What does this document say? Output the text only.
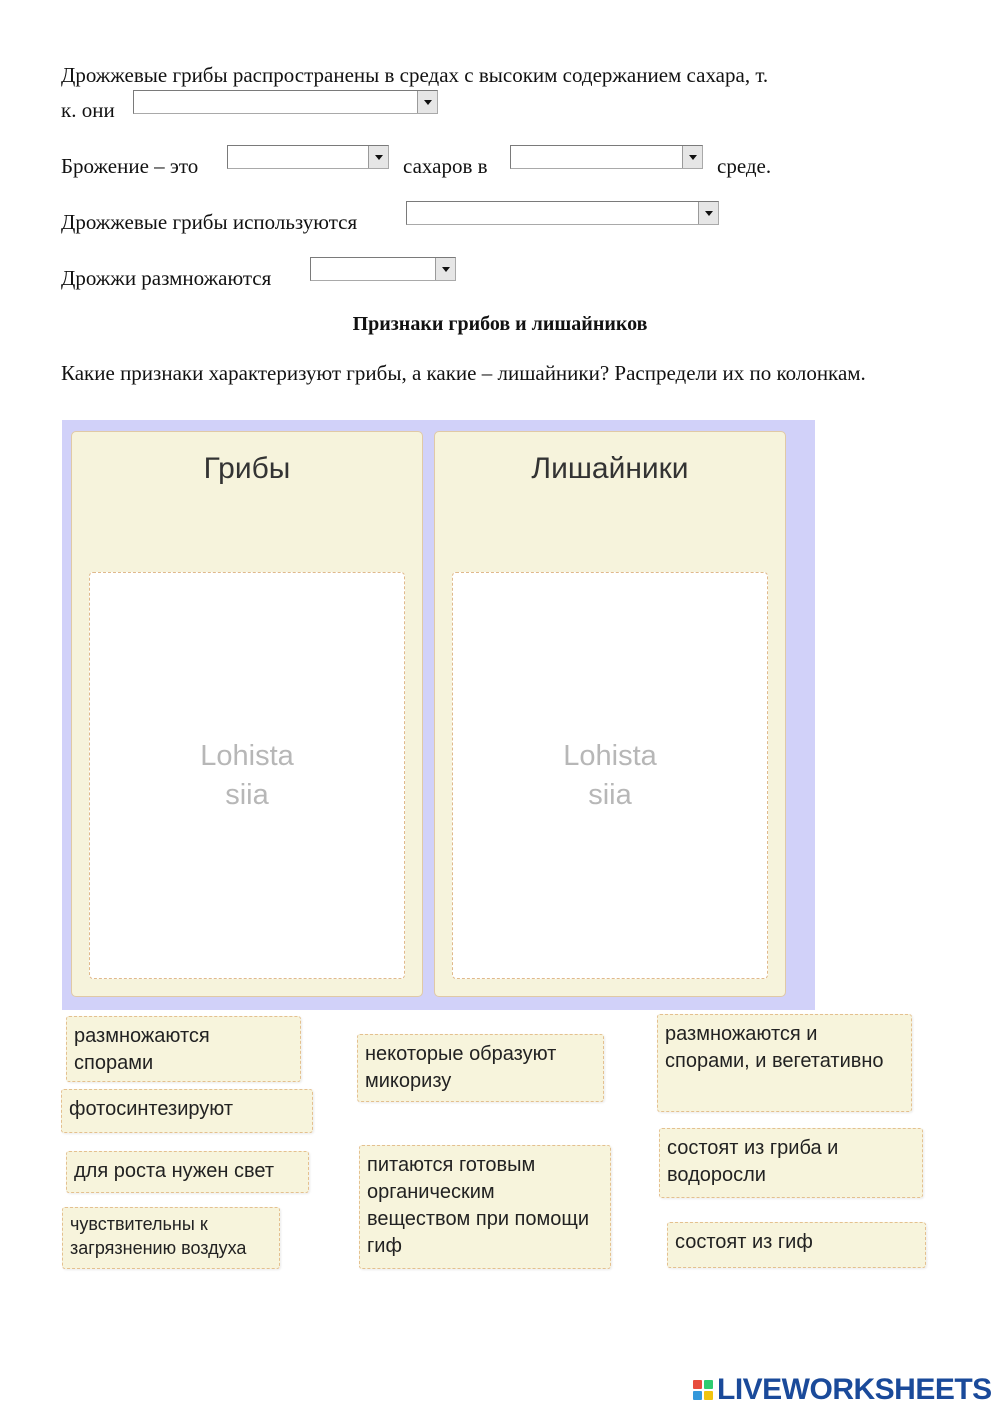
Дрожжевые грибы распространены в средах с высоким содержанием сахара, т.
к. они
Брожение – это	сахаров в	среде.
Дрожжевые грибы используются
Дрожжи размножаются
Признаки грибов и лишайников
Какие признаки характеризуют грибы, а какие – лишайники? Распредели их по колонкам.
Грибы
Lohista
siia
Лишайники
Lohista
siia
размножаются спорами
фотосинтезируют
для роста нужен свет
чувствительны к загрязнению воздуха
некоторые образуют микоризу
питаются готовым органическим веществом при помощи гиф
размножаются и спорами, и вегетативно
состоят из гриба и водоросли
состоят из гиф
LIVEWORKSHEETS
